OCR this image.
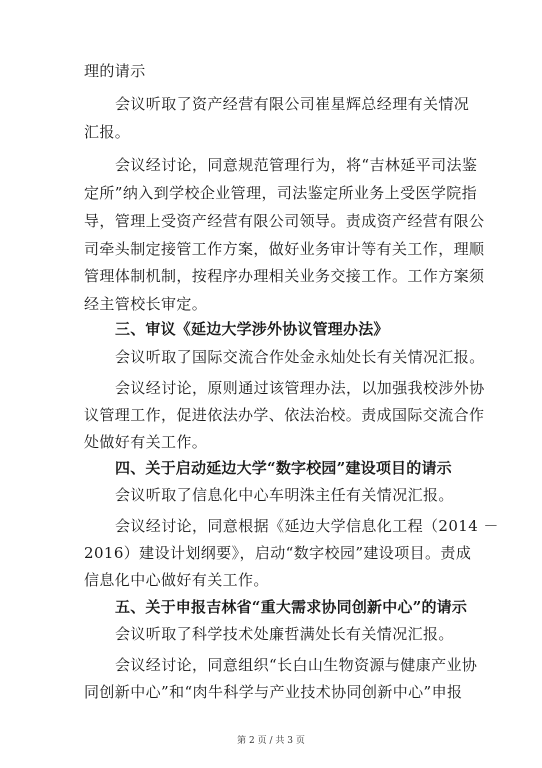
理的请示
会议听取了资产经营有限公司崔星辉总经理有关情况
汇报。
会议经讨论，同意规范管理行为，将“吉林延平司法鉴
定所”纳入到学校企业管理，司法鉴定所业务上受医学院指
导，管理上受资产经营有限公司领导。责成资产经营有限公
司牵头制定接管工作方案，做好业务审计等有关工作，理顺
管理体制机制，按程序办理相关业务交接工作。工作方案须
经主管校长审定。
三、审议《延边大学涉外协议管理办法》
会议听取了国际交流合作处金永灿处长有关情况汇报。
会议经讨论，原则通过该管理办法，以加强我校涉外协
议管理工作，促进依法办学、依法治校。责成国际交流合作
处做好有关工作。
四、关于启动延边大学“数字校园”建设项目的请示
会议听取了信息化中心车明洙主任有关情况汇报。
会议经讨论，同意根据《延边大学信息化工程（2014 －
2016）建设计划纲要》，启动“数字校园”建设项目。责成
信息化中心做好有关工作。
五、关于申报吉林省“重大需求协同创新中心”的请示
会议听取了科学技术处廉哲满处长有关情况汇报。
会议经讨论，同意组织“长白山生物资源与健康产业协
同创新中心”和“肉牛科学与产业技术协同创新中心”申报
第 2 页 / 共 3 页
